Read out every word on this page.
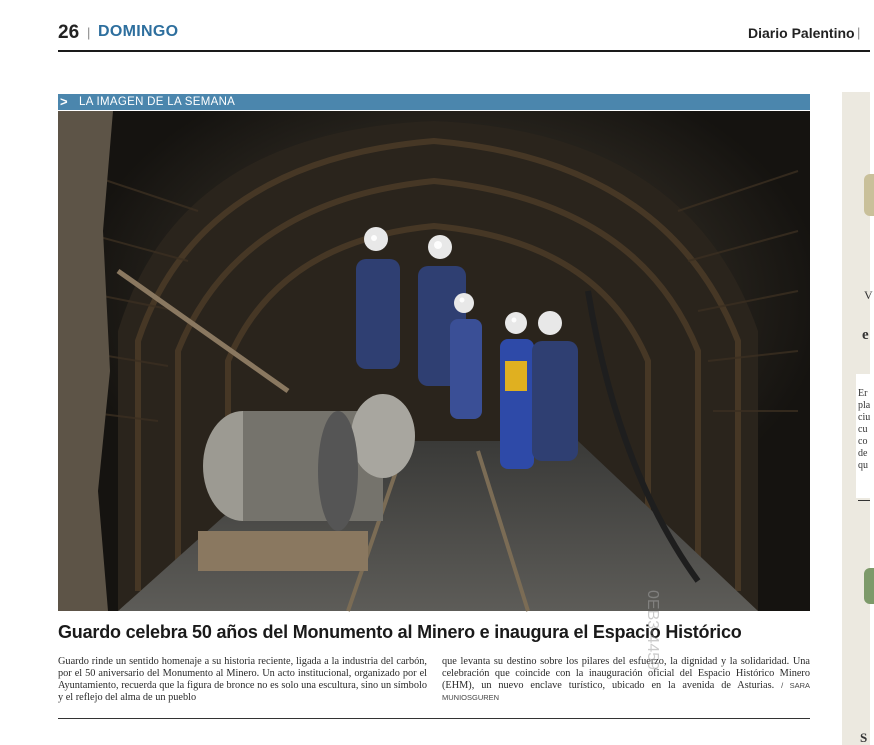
26 | DOMINGO	Diario Palentino |
> LA IMAGEN DE LA SEMANA
Guardo celebra 50 años del Monumento al Minero e inaugura el Espacio Histórico
Guardo rinde un sentido homenaje a su historia reciente, ligada a la industria del carbón, por el 50 aniversario del Monumento al Minero. Un acto institucional, organizado por el Ayuntamiento, recuerda que la figura de bronce no es solo una escultura, sino un símbolo y el reflejo del alma de un pueblo
que levanta su destino sobre los pilares del esfuerzo, la dignidad y la solidaridad. Una celebración que coincide con la inauguración oficial del Espacio Histórico Minero (EHM), un nuevo enclave turístico, ubicado en la avenida de Asturias. / SARA MUNIOSGUREN
0EB3-4459
V
e
Er
pla
ciu
cu
co
de
qu
S
